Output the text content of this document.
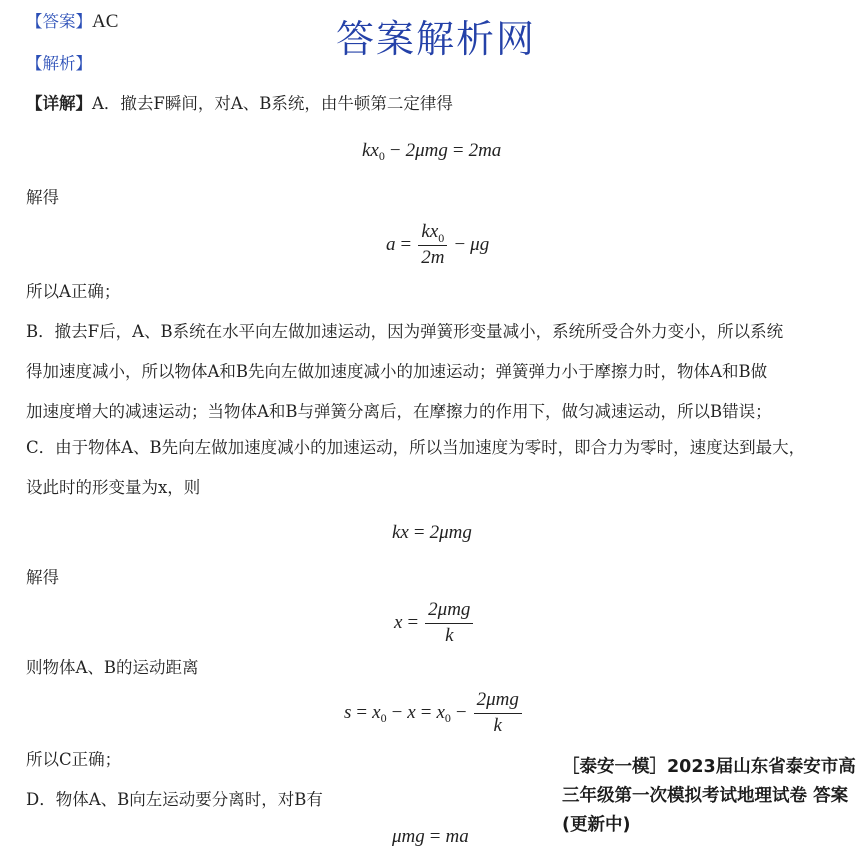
【答案】AC	答案解析网
【解析】
【详解】A．撤去F瞬间，对A、B系统，由牛顿第二定律得
kx 0 − 2μmg = 2ma
解得
$a = \frac{kx_0}{2m} - \mu g$
所以A正确；
B．撤去F后，A、B系统在水平向左做加速运动，因为弹簧形变量减小，系统所受合外力变小，所以系统
得加速度减小，所以物体A和B先向左做加速度减小的加速运动；弹簧弹力小于摩擦力时，物体A和B做
加速度增大的减速运动；当物体A和B与弹簧分离后，在摩擦力的作用下，做匀减速运动，所以B错误；
C．由于物体A、B先向左做加速度减小的加速运动，所以当加速度为零时，即合力为零时，速度达到最大，
设此时的形变量为x，则
kx = 2μmg
解得
$x = \frac{\text{2μmg}}{k}$
则物体A、B的运动距离
s = x 0 − x = x $0 - \frac{\text{2μmg}}{k}$
所以C正确；
D．物体A、B向左运动要分离时，对B有
μmg = ma
［泰安一模］2023届山东省泰安市高三年级第一次模拟考试地理试卷 答案(更新中)
